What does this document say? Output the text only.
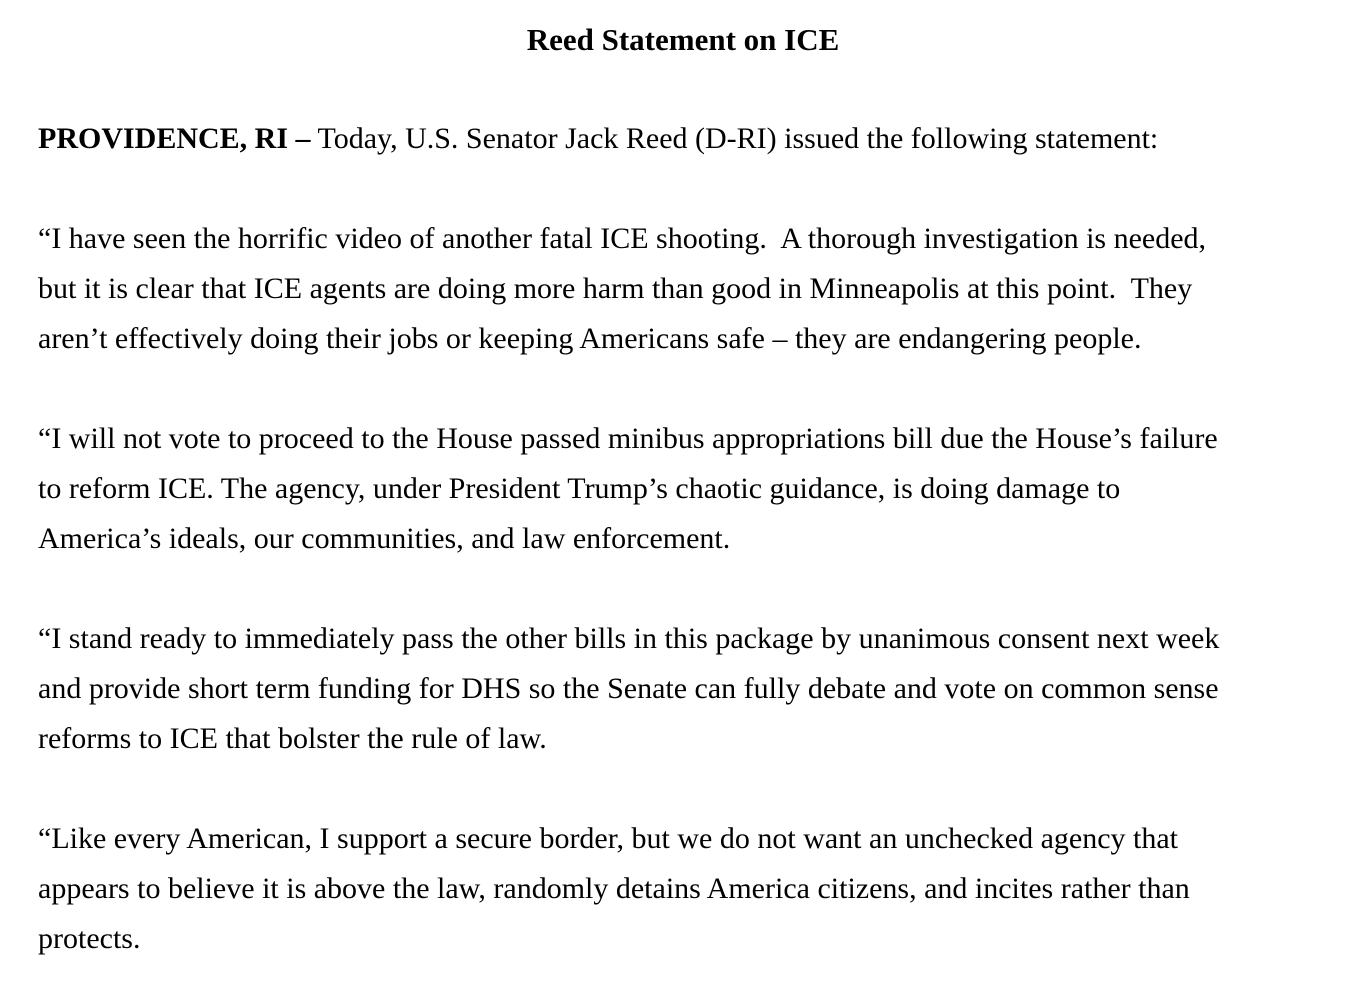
Reed Statement on ICE

PROVIDENCE, RI – Today, U.S. Senator Jack Reed (D-RI) issued the following statement:

“I have seen the horrific video of another fatal ICE shooting.  A thorough investigation is needed,
but it is clear that ICE agents are doing more harm than good in Minneapolis at this point.  They
aren’t effectively doing their jobs or keeping Americans safe – they are endangering people.

“I will not vote to proceed to the House passed minibus appropriations bill due the House’s failure
to reform ICE. The agency, under President Trump’s chaotic guidance, is doing damage to
America’s ideals, our communities, and law enforcement.

“I stand ready to immediately pass the other bills in this package by unanimous consent next week
and provide short term funding for DHS so the Senate can fully debate and vote on common sense
reforms to ICE that bolster the rule of law.

“Like every American, I support a secure border, but we do not want an unchecked agency that
appears to believe it is above the law, randomly detains America citizens, and incites rather than
protects.
